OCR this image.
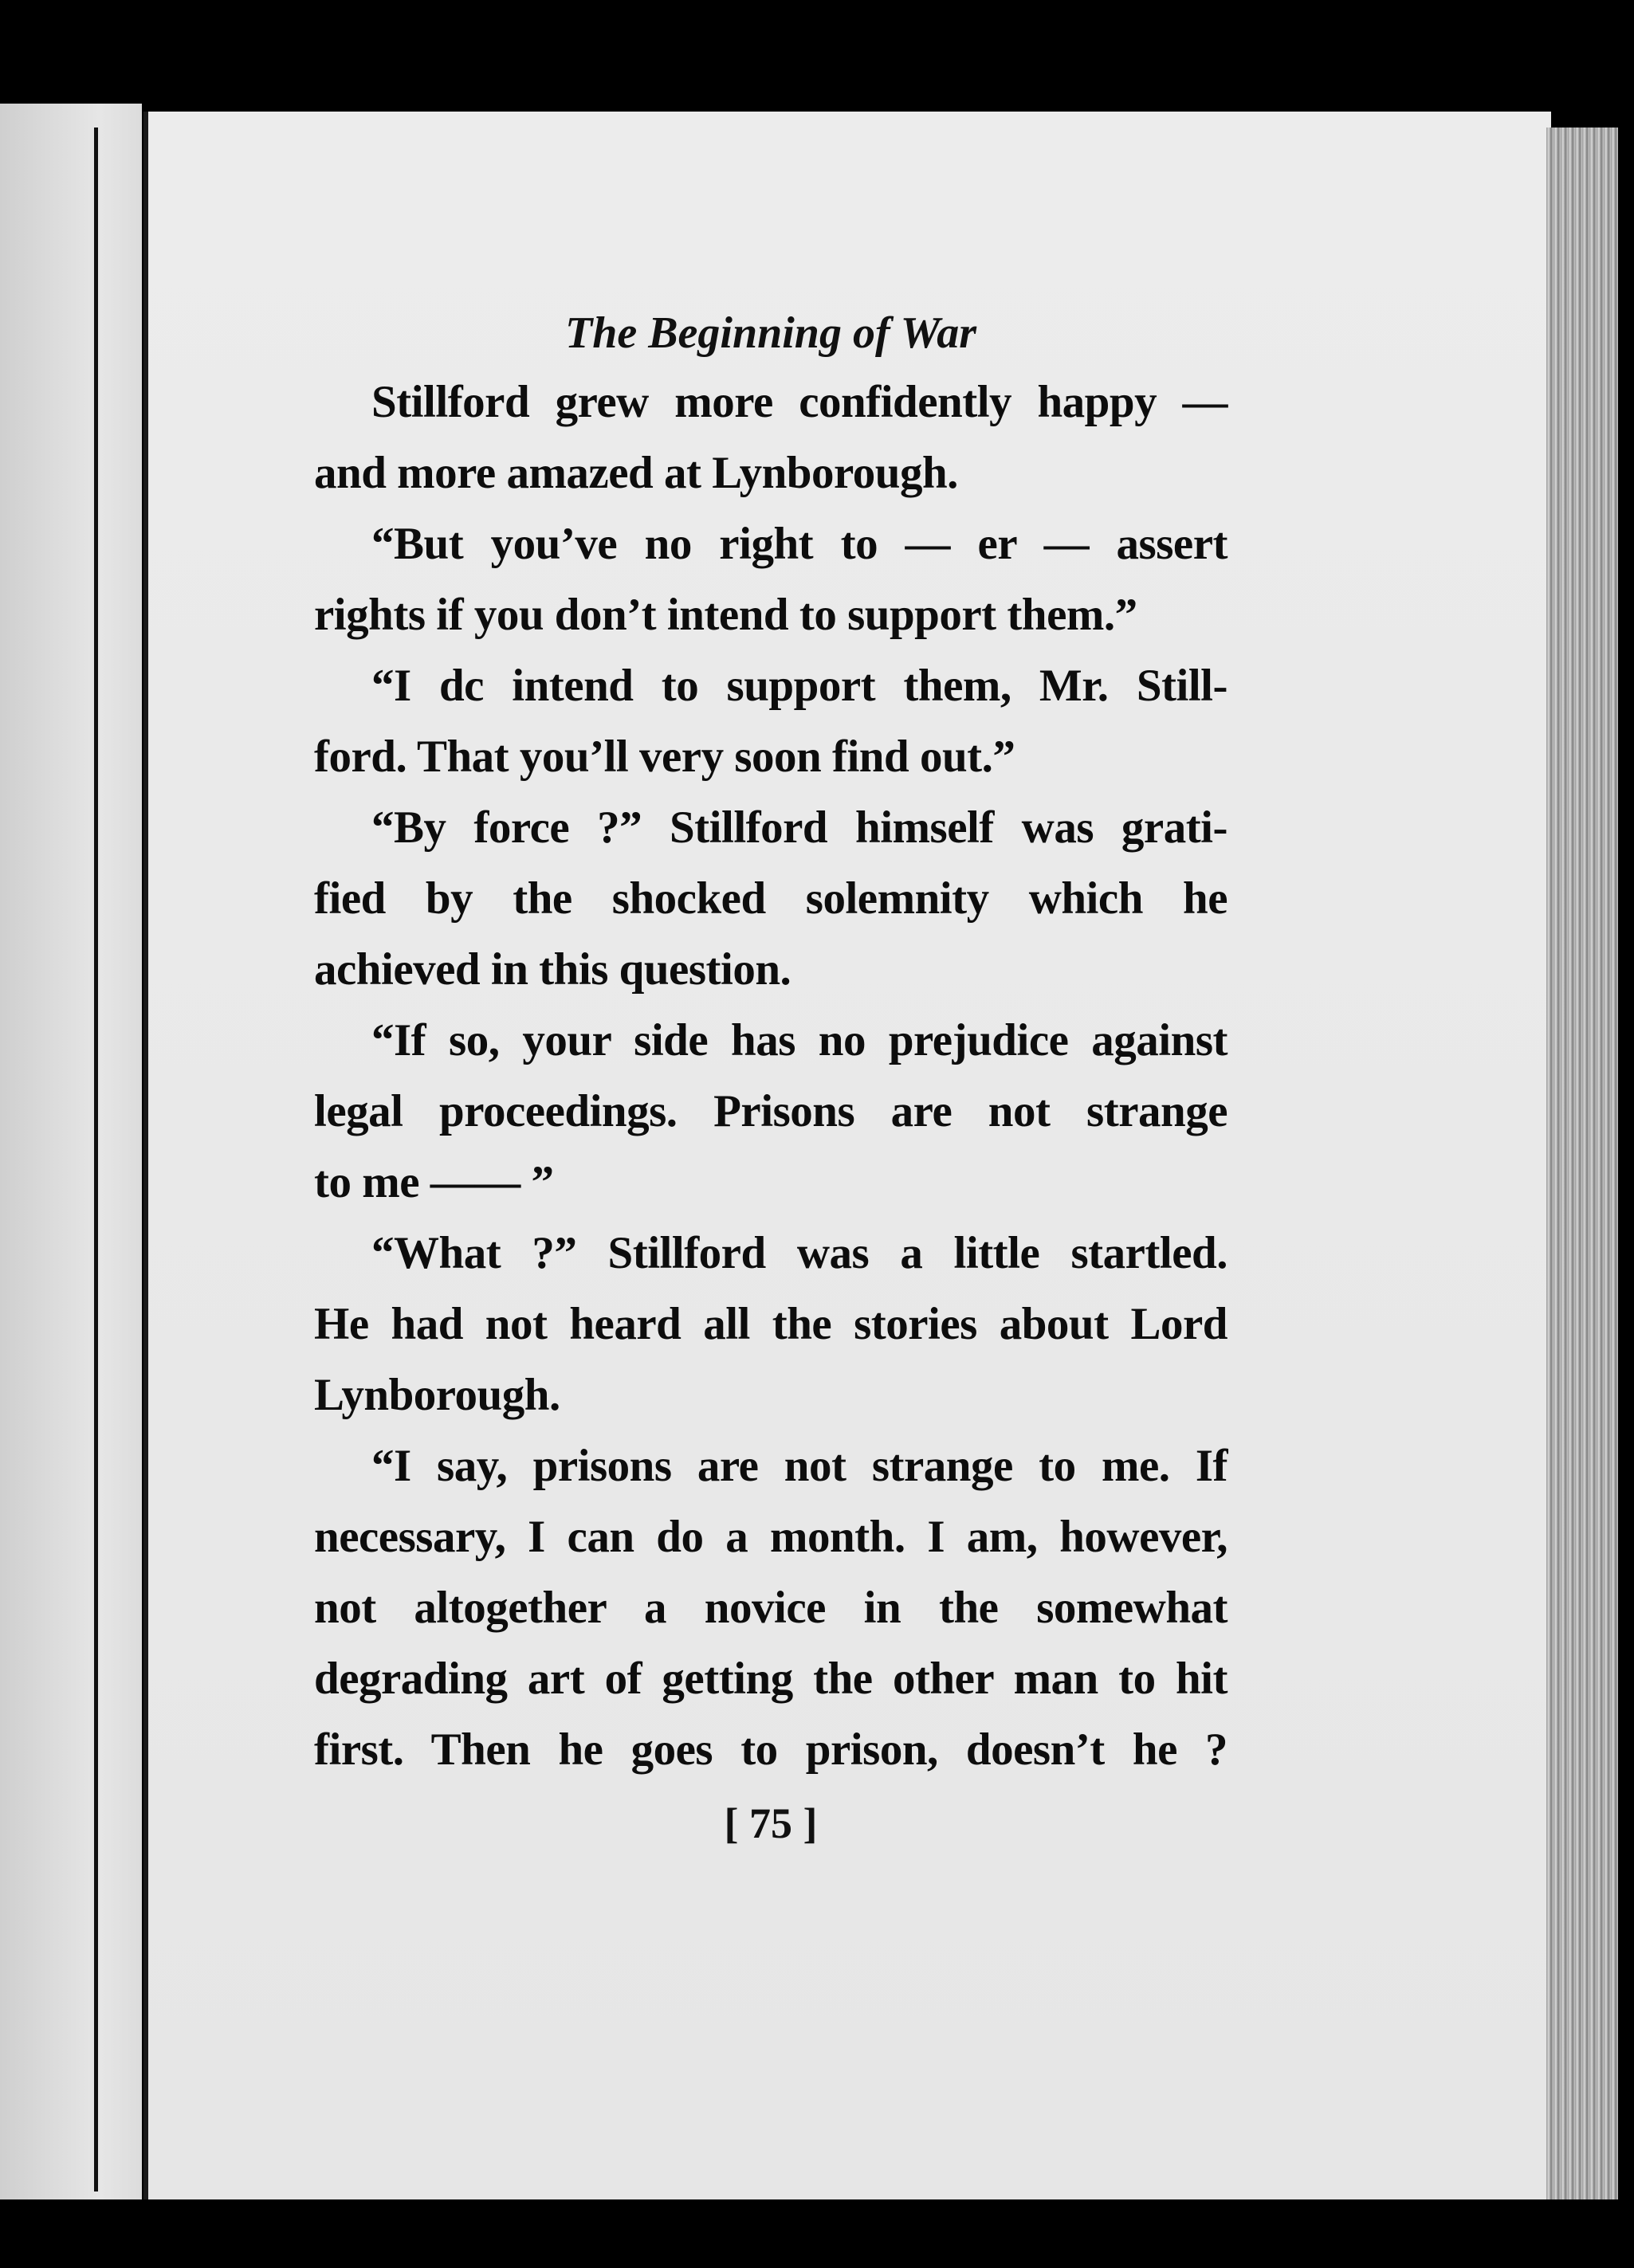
The Beginning of War

Stillford grew more confidently happy —
and more amazed at Lynborough.

“But you’ve no right to — er — assert
rights if you don’t intend to support them.”

“I dc intend to support them, Mr. Still-
ford. That you’ll very soon find out.”

“By force ?” Stillford himself was grati-
fied by the shocked solemnity which he
achieved in this question.

“If so, your side has no prejudice against
legal proceedings. Prisons are not strange
to me —— ”

“What ?” Stillford was a little startled.
He had not heard all the stories about Lord
Lynborough.

“I say, prisons are not strange to me. If
necessary, I can do a month. I am, however,
not altogether a novice in the somewhat
degrading art of getting the other man to hit
first. Then he goes to prison, doesn’t he ?

[ 75 ]
